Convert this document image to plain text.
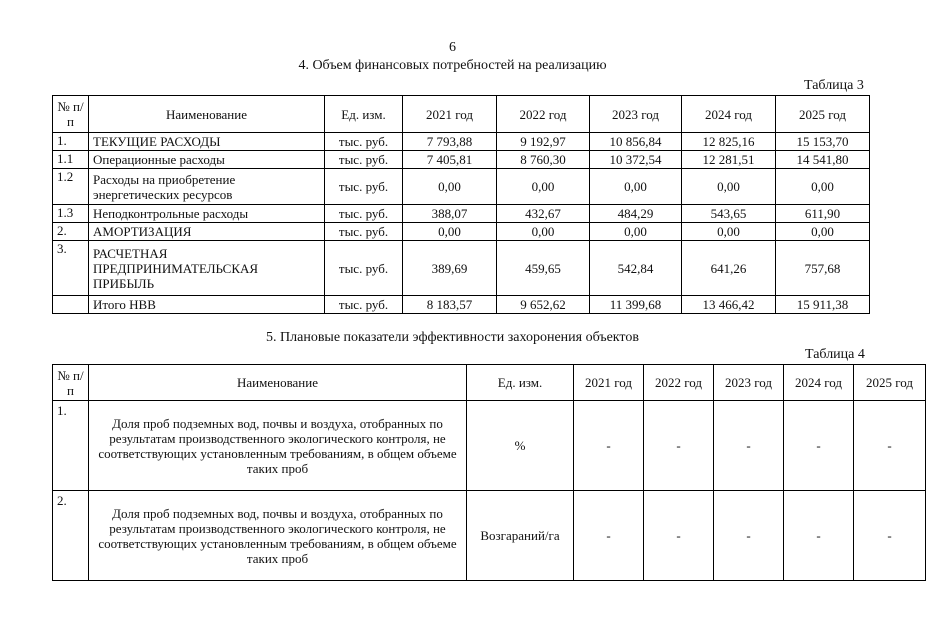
6
4. Объем финансовых потребностей на реализацию
Таблица 3
№ п/п	Наименование	Ед. изм.	2021 год	2022 год	2023 год	2024 год	2025 год
1.	ТЕКУЩИЕ РАСХОДЫ	тыс. руб.	7 793,88	9 192,97	10 856,84	12 825,16	15 153,70
1.1	Операционные расходы	тыс. руб.	7 405,81	8 760,30	10 372,54	12 281,51	14 541,80
1.2	Расходы на приобретение энергетических ресурсов	тыс. руб.	0,00	0,00	0,00	0,00	0,00
1.3	Неподконтрольные расходы	тыс. руб.	388,07	432,67	484,29	543,65	611,90
2.	АМОРТИЗАЦИЯ	тыс. руб.	0,00	0,00	0,00	0,00	0,00
3.	РАСЧЕТНАЯ ПРЕДПРИНИМАТЕЛЬСКАЯ ПРИБЫЛЬ	тыс. руб.	389,69	459,65	542,84	641,26	757,68
	Итого НВВ	тыс. руб.	8 183,57	9 652,62	11 399,68	13 466,42	15 911,38
5. Плановые показатели эффективности захоронения объектов
Таблица 4
№ п/п	Наименование	Ед. изм.	2021 год	2022 год	2023 год	2024 год	2025 год
1.	Доля проб подземных вод, почвы и воздуха, отобранных по результатам производственного экологического контроля, не соответствующих установленным требованиям, в общем объеме таких проб	%	-	-	-	-	-
2.	Доля проб подземных вод, почвы и воздуха, отобранных по результатам производственного экологического контроля, не соответствующих установленным требованиям, в общем объеме таких проб	Возгараний/га	-	-	-	-	-
